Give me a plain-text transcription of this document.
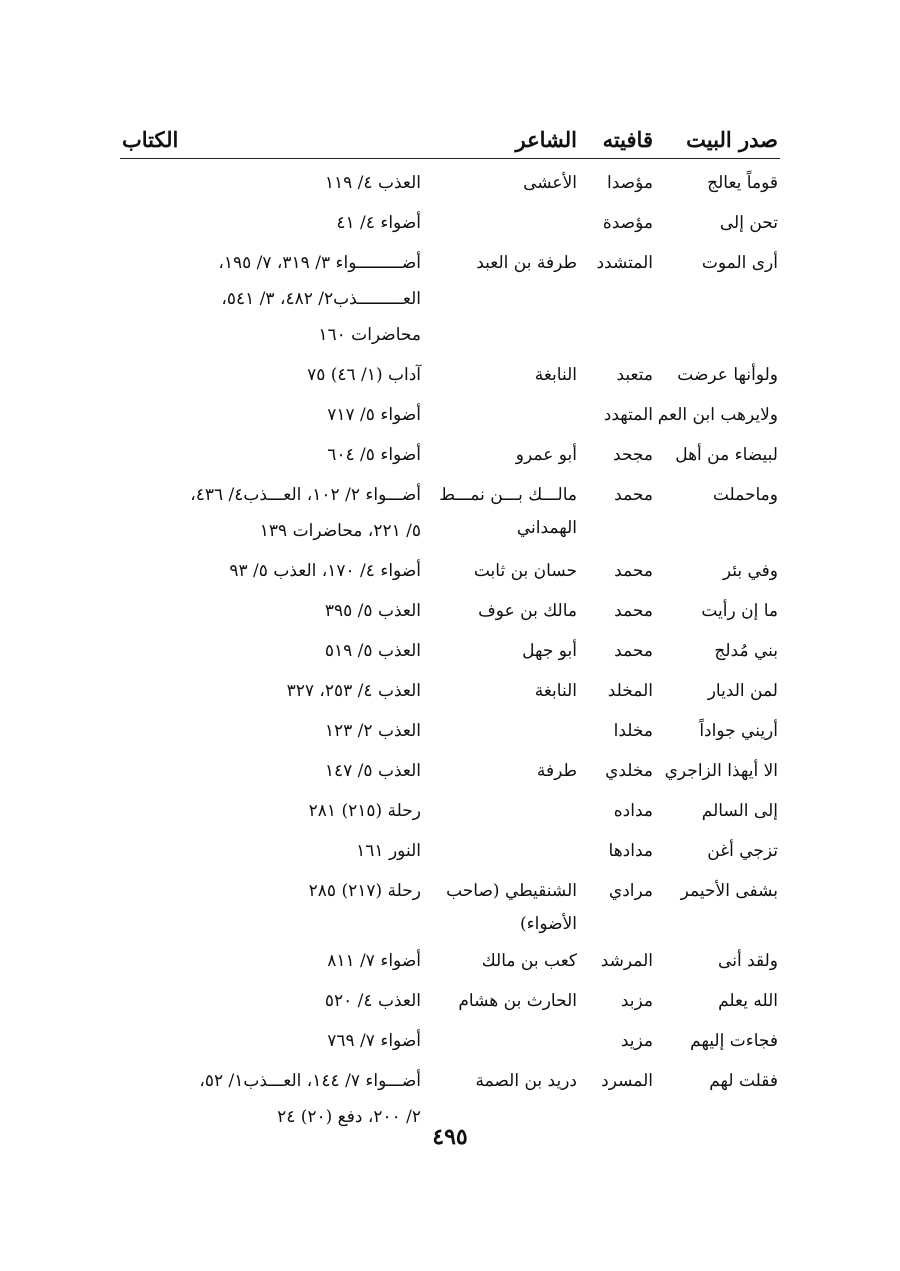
صدر البيت	قافيته	الشاعر	الكتاب
قوماً يعالج	مؤصدا	الأعشى	العذب ٤/ ١١٩

تحن إلى	مؤصدة		أضواء ٤/ ٤١

أرى الموت	المتشدد	طرفة بن العبد	أضـــــــــواء ٣/ ٣١٩، ٧/ ١٩٥،
العـــــــــذب٢/ ٤٨٢، ٣/ ٥٤١،
محاضرات ١٦٠

ولوأنها عرضت	متعبد	النابغة	آداب (١/ ٤٦) ٧٥

ولايرهب ابن العم	المتهدد		أضواء ٥/ ٧١٧

لبيضاء من أهل	مجحد	أبو عمرو	أضواء ٥/ ٦٠٤

وماحملت	محمد	مالـــك بـــن نمـــط الهمداني	أضـــواء ٢/ ١٠٢، العـــذب٤/ ٤٣٦،
٥/ ٢٢١، محاضرات ١٣٩

وفي بئر	محمد	حسان بن ثابت	أضواء ٤/ ١٧٠، العذب ٥/ ٩٣

ما إن رأيت	محمد	مالك بن عوف	العذب ٥/ ٣٩٥

بني مُدلج	محمد	أبو جهل	العذب ٥/ ٥١٩

لمن الديار	المخلد	النابغة	العذب ٤/ ٢٥٣، ٣٢٧

أريني جواداً	مخلدا		العذب ٢/ ١٢٣

الا أيهذا الزاجري	مخلدي	طرفة	العذب ٥/ ١٤٧

إلى السالم	مداده		رحلة (٢١٥) ٢٨١

تزجي أغن	مدادها		النور ١٦١

بشفى الأحيمر	مرادي	الشنقيطي (صاحب الأضواء)	رحلة (٢١٧) ٢٨٥

ولقد أنى	المرشد	كعب بن مالك	أضواء ٧/ ٨١١

الله يعلم	مزبد	الحارث بن هشام	العذب ٤/ ٥٢٠

فجاءت إليهم	مزيد		أضواء ٧/ ٧٦٩

فقلت لهم	المسرد	دريد بن الصمة	أضـــواء ٧/ ١٤٤، العـــذب١/ ٥٢،
٢/ ٢٠٠، دفع (٢٠) ٢٤
٤٩٥
